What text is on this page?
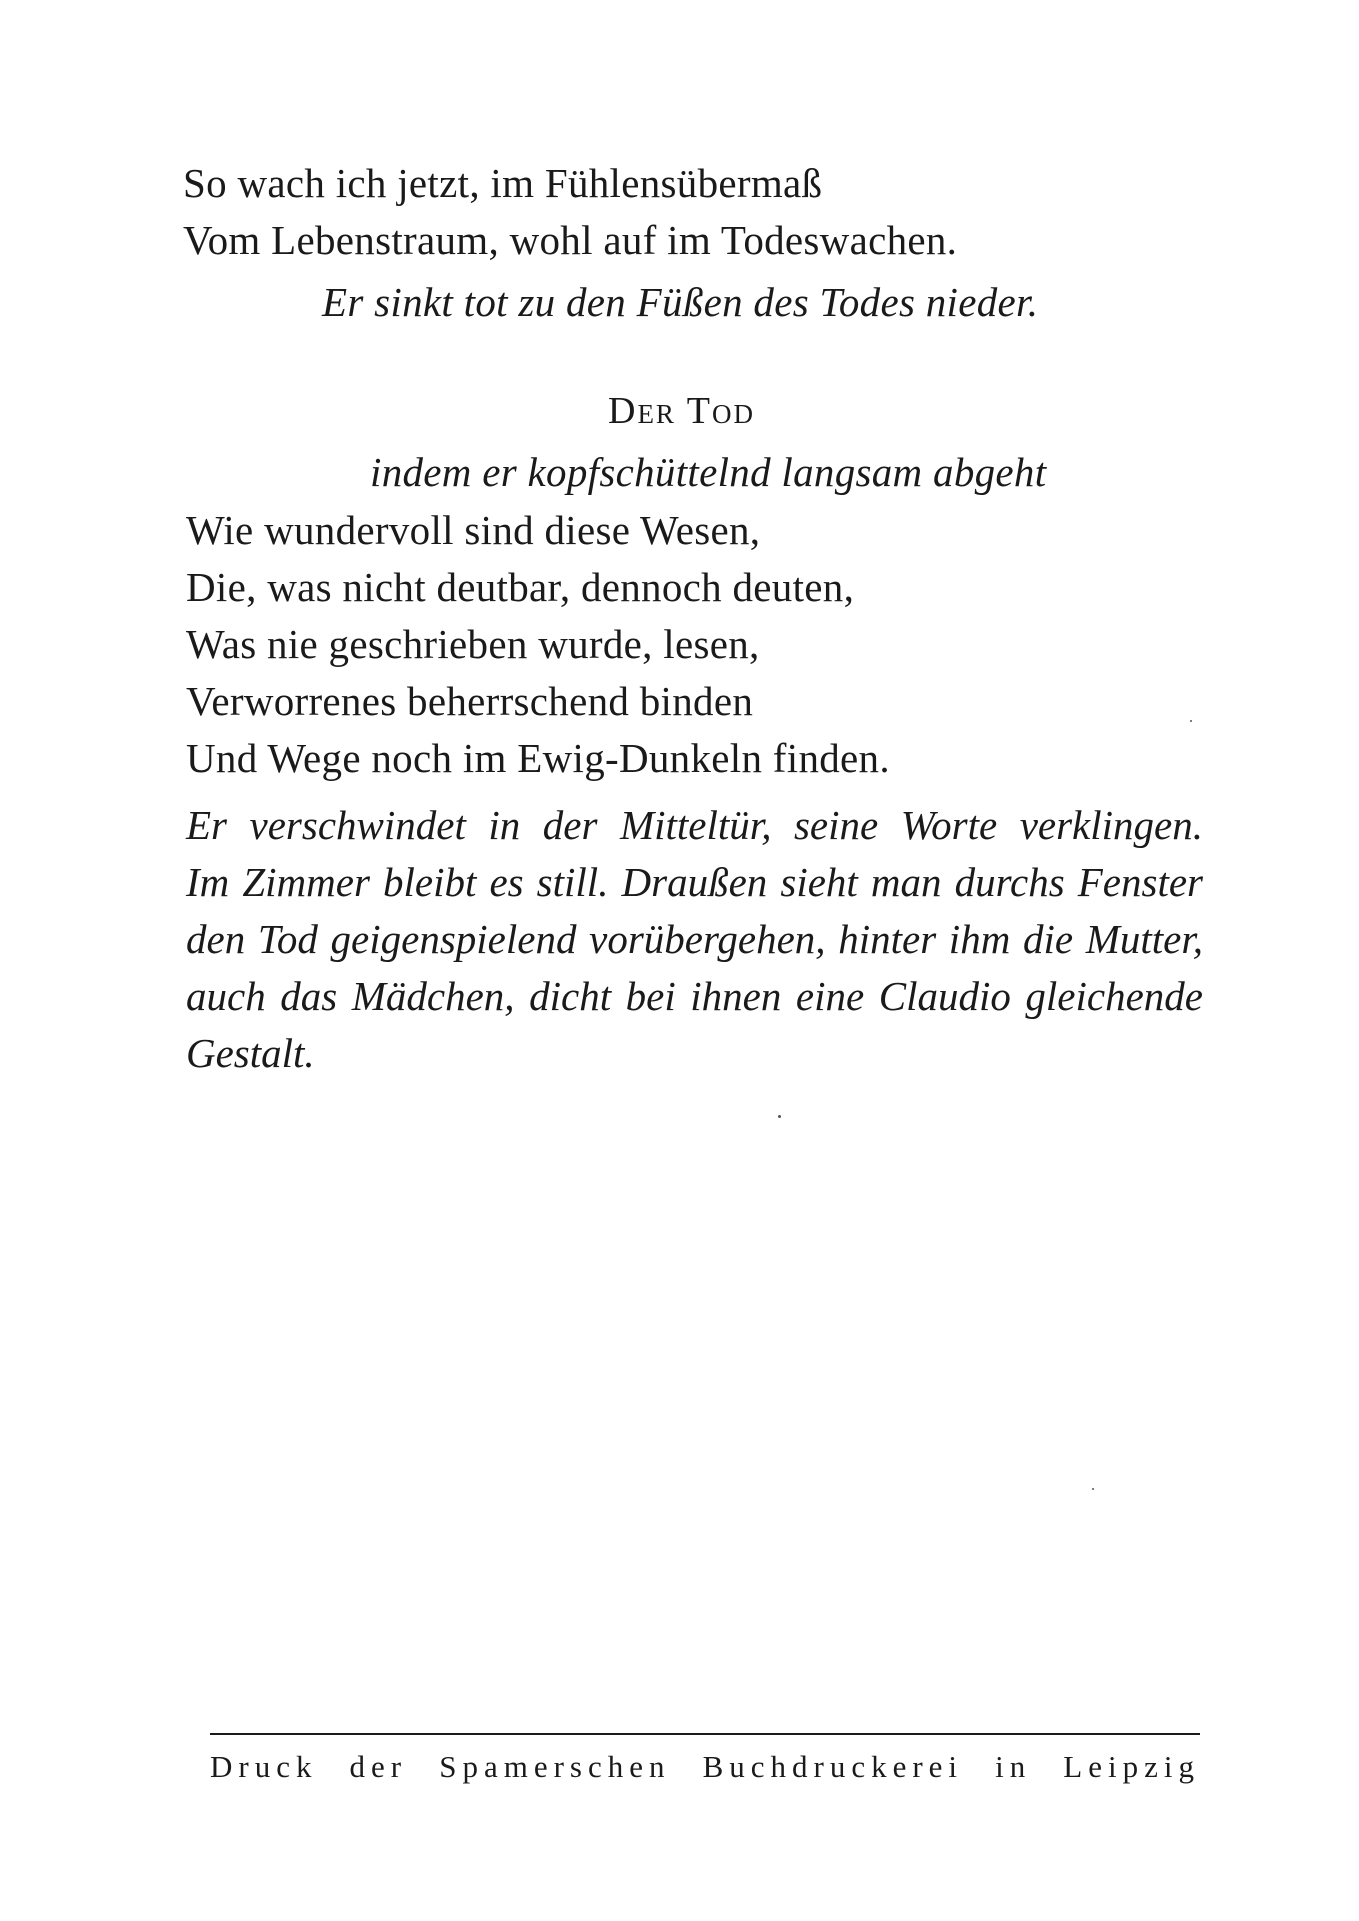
So wach ich jetzt, im Fühlensübermaß
Vom Lebenstraum, wohl auf im Todeswachen.
Er sinkt tot zu den Füßen des Todes nieder.
Der Tod
indem er kopfschüttelnd langsam abgeht
Wie wundervoll sind diese Wesen,
Die, was nicht deutbar, dennoch deuten,
Was nie geschrieben wurde, lesen,
Verworrenes beherrschend binden
Und Wege noch im Ewig-Dunkeln finden.
Er verschwindet in der Mitteltür, seine Worte verklingen.
Im Zimmer bleibt es still. Draußen sieht man durchs Fenster
den Tod geigenspielend vorübergehen, hinter ihm die Mutter,
auch das Mädchen, dicht bei ihnen eine Claudio gleichende
Gestalt.
Druck der Spamerschen Buchdruckerei in Leipzig
